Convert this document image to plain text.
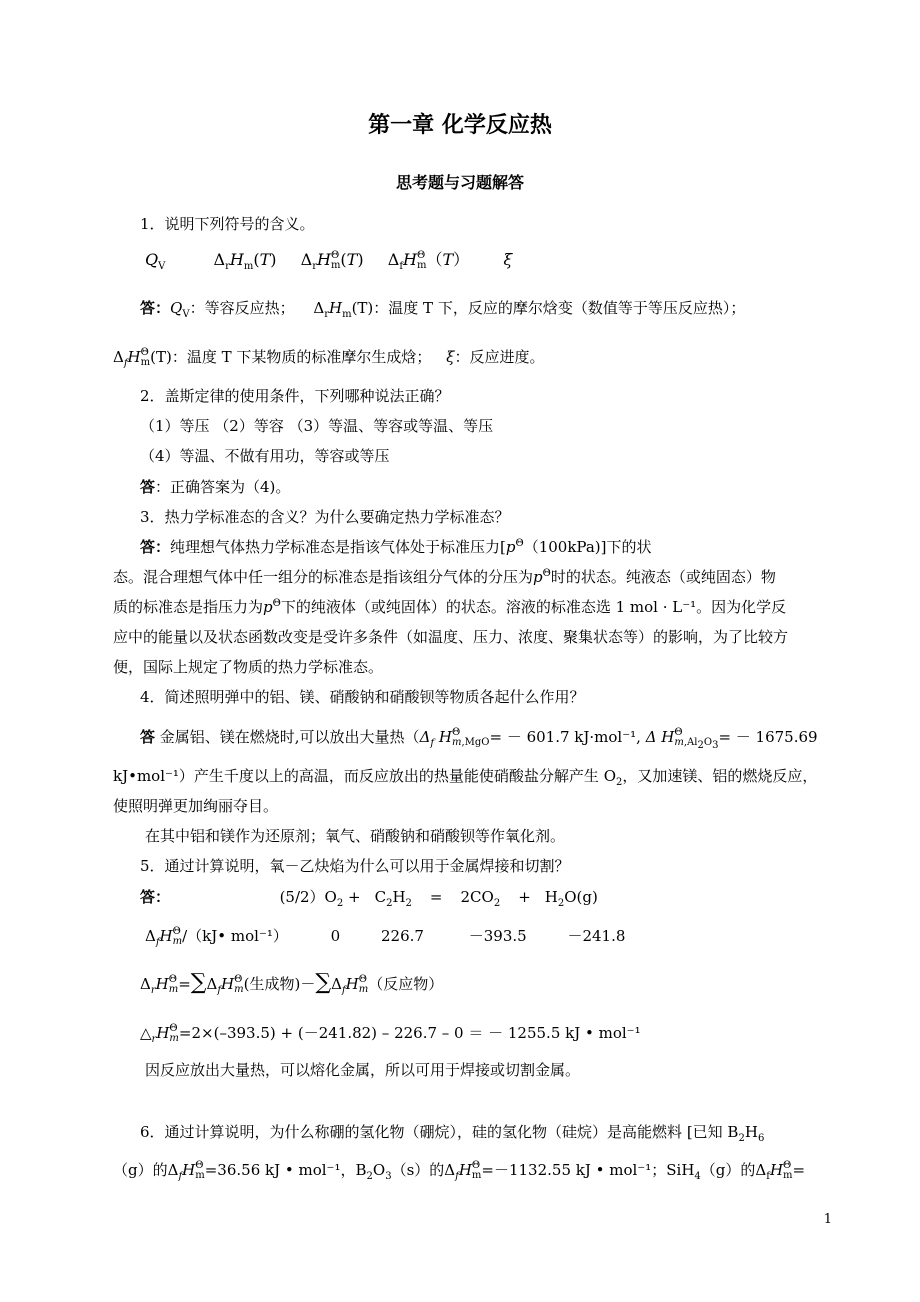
第一章 化学反应热
思考题与习题解答
1．说明下列符号的含义。
$Q_V$	$\Delta_rH_m(T)$  $\Delta_rH$ Θ
m (T)  $\Delta_fH$ Θ
m （T）  ξ
答：$Q_V$：等容反应热； $\Delta_rH_m(T)$：温度 T 下，反应的摩尔焓变（数值等于等压反应热）；
$\Delta_fH$ Θ
m (T)：温度 T 下某物质的标准摩尔生成焓； ξ：反应进度。
2．盖斯定律的使用条件，下列哪种说法正确？
（1）等压 （2）等容 （3）等温、等容或等温、等压
（4）等温、不做有用功，等容或等压
答：正确答案为（4)。
3．热力学标准态的含义？为什么要确定热力学标准态？
答：纯理想气体热力学标准态是指该气体处于标准压力$[p^\Theta(100kPa)]$下的状
态。混合理想气体中任一组分的标准态是指该组分气体的分压为$p^\Theta$时的状态。纯液态（或纯固态）物
质的标准态是指压力为$p^\Theta$下的纯液体（或纯固体）的状态。溶液的标准态选 1 mol · L⁻¹。因为化学反
应中的能量以及状态函数改变是受许多条件（如温度、压力、浓度、聚集状态等）的影响，为了比较方
便，国际上规定了物质的热力学标准态。
4．简述照明弹中的铝、镁、硝酸钠和硝酸钡等物质各起什么作用？
答 金属铝、镁在燃烧时,可以放出大量热（$\Delta_f$ H Θ
m,MgO = － 601.7 kJ·mol⁻¹, Δ H Θ
$m,Al_2O_3$ = － 1675.69
kJ•mol⁻¹）产生千度以上的高温，而反应放出的热量能使硝酸盐分解产生 $O_2$，又加速镁、铝的燃烧反应，
使照明弹更加绚丽夺目。
在其中铝和镁作为还原剂；氧气、硝酸钠和硝酸钡等作氧化剂。
5．通过计算说明，氧－乙炔焰为什么可以用于金属焊接和切割？
答：	$(5/2)O_2 + C_2H_2 = 2CO_2 + H_2O(g)$
$\Delta_fH$ Θ
m /（kJ• mol⁻¹）	0	226.7	－393.5	－241.8
$\Delta_rH$ Θ
$m =\sum\Delta_fH$ Θ
m (生成物)$-\sum\Delta_fH$ Θ
m （反应物）
$\triangle_rH$ Θ
m =2×(–393.5) + (－241.82) – 226.7 – 0 ＝ － 1255.5 kJ • mol⁻¹
因反应放出大量热，可以熔化金属，所以可用于焊接或切割金属。
6．通过计算说明，为什么称硼的氢化物（硼烷），硅的氢化物（硅烷）是高能燃料 [已知 $B_2H_6$
（g）的$\Delta_fH$ Θ
m =36.56 kJ • mol⁻¹，$B_2O_3(s)$的$\Delta_fH$ Θ
m =－1132.55 kJ • mol⁻¹；SiH$_4$（g）的$\Delta_fH$ Θ
m =
1
